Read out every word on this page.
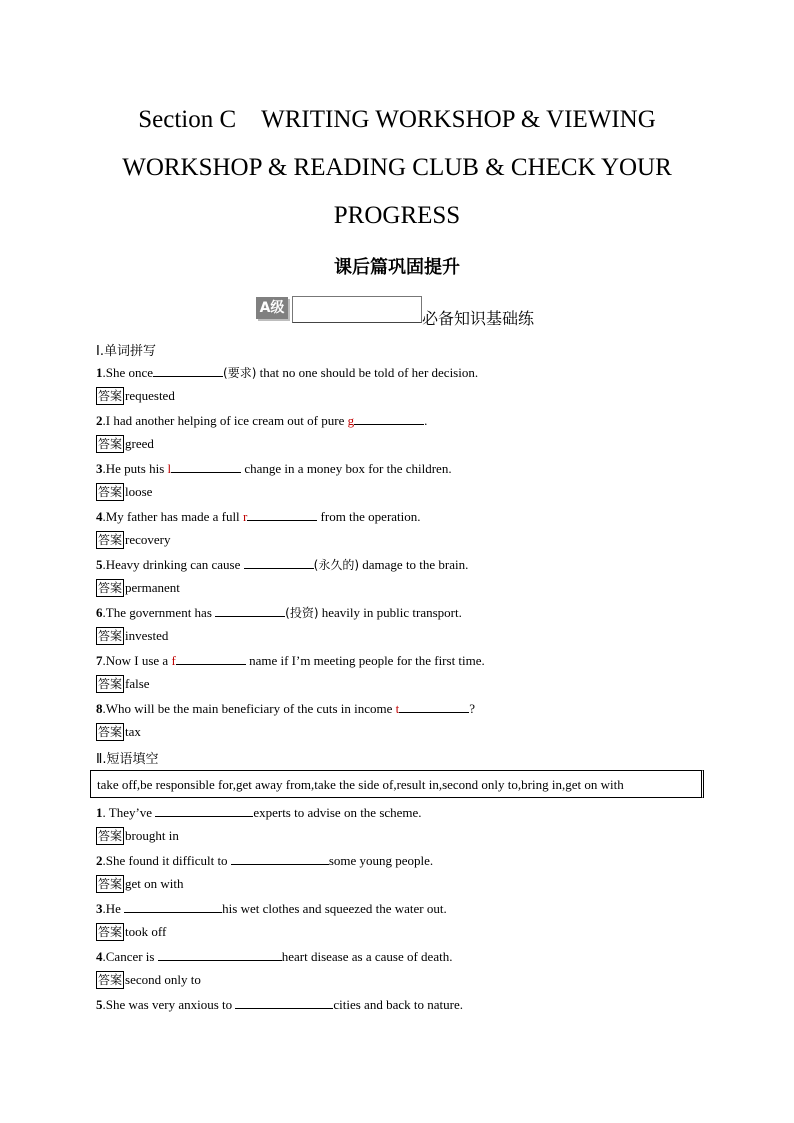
Section C　WRITING WORKSHOP & VIEWING
WORKSHOP & READING CLUB & CHECK YOUR
PROGRESS
课后篇巩固提升
A级
必备知识基础练
Ⅰ.单词拼写
1.She once	(要求) that no one should be told of her decision.
答案 requested
2.I had another helping of ice cream out of pure g	.
答案 greed
3.He puts his l	change in a money box for the children.
答案 loose
4.My father has made a full r	from the operation.
答案 recovery
5.Heavy drinking can cause	(永久的) damage to the brain.
答案 permanent
6.The government has	(投资) heavily in public transport.
答案 invested
7.Now I use a f	name if I’m meeting people for the first time.
答案 false
8.Who will be the main beneficiary of the cuts in income t	?
答案 tax
Ⅱ.短语填空
take off,be responsible for,get away from,take the side of,result in,second only to,bring in,get on with
1. They’ve	experts to advise on the scheme.
答案 brought in
2.She found it difficult to	some young people.
答案 get on with
3.He	his wet clothes and squeezed the water out.
答案 took off
4.Cancer is	heart disease as a cause of death.
答案 second only to
5.She was very anxious to	cities and back to nature.
